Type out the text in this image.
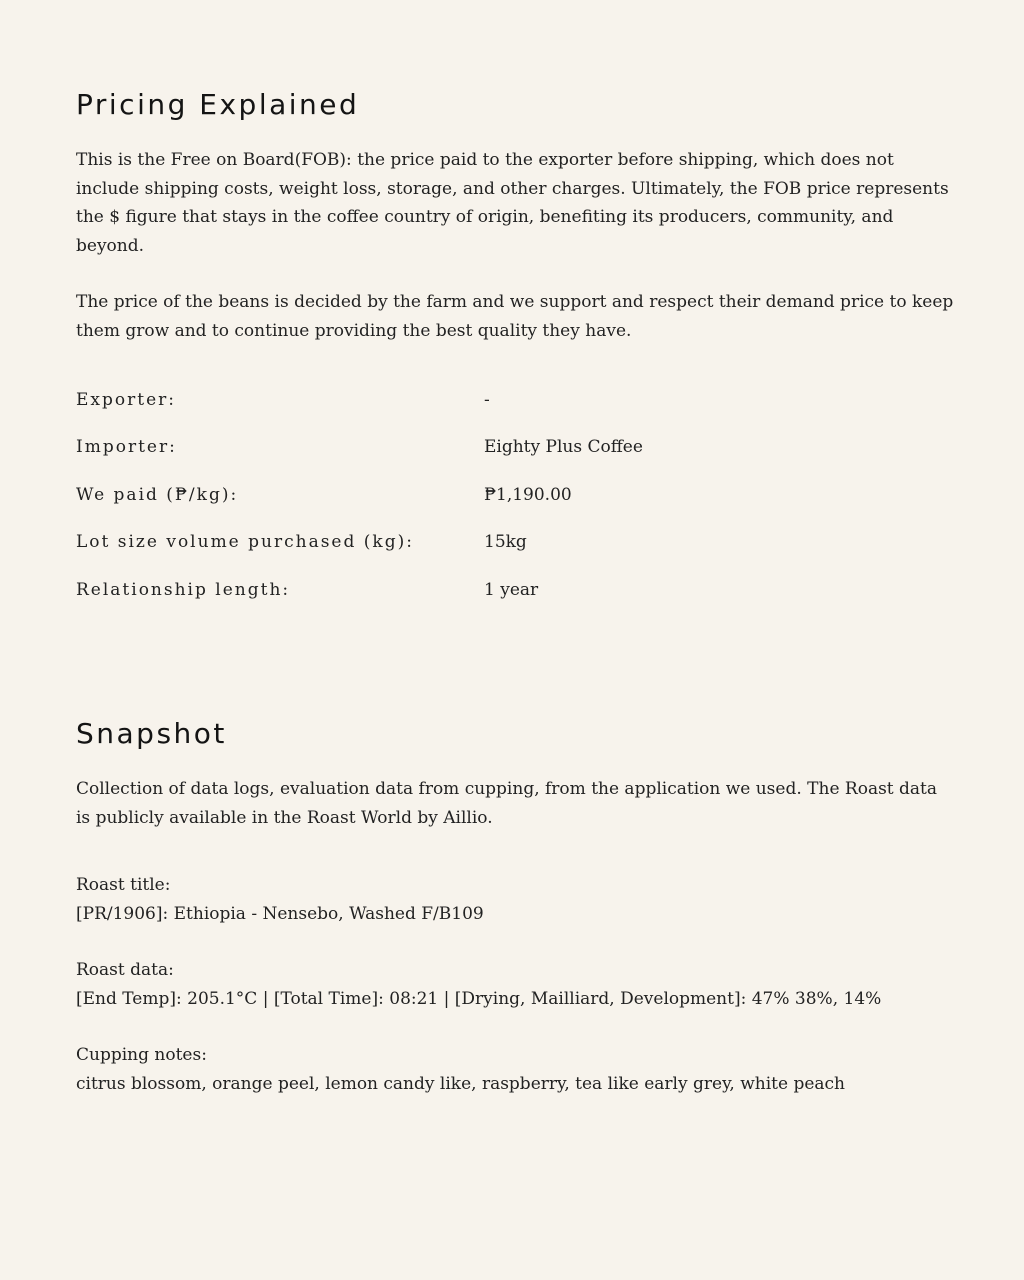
Pricing Explained

This is the Free on Board(FOB): the price paid to the exporter before shipping, which does not include shipping costs, weight loss, storage, and other charges. Ultimately, the FOB price represents the $ figure that stays in the coffee country of origin, benefiting its producers, community, and beyond.

The price of the beans is decided by the farm and we support and respect their demand price to keep them grow and to continue providing the best quality they have.

Exporter:	-
Importer:	Eighty Plus Coffee
We paid (₱/kg):	₱1,190.00
Lot size volume purchased (kg):	15kg
Relationship length:	1 year
Snapshot

Collection of data logs, evaluation data from cupping, from the application we used. The Roast data is publicly available in the Roast World by Aillio.

Roast title:

[PR/1906]: Ethiopia - Nensebo, Washed F/B109

Roast data:

[End Temp]: 205.1°C | [Total Time]: 08:21 | [Drying, Mailliard, Development]: 47% 38%, 14%

Cupping notes:

citrus blossom, orange peel, lemon candy like, raspberry, tea like early grey, white peach
